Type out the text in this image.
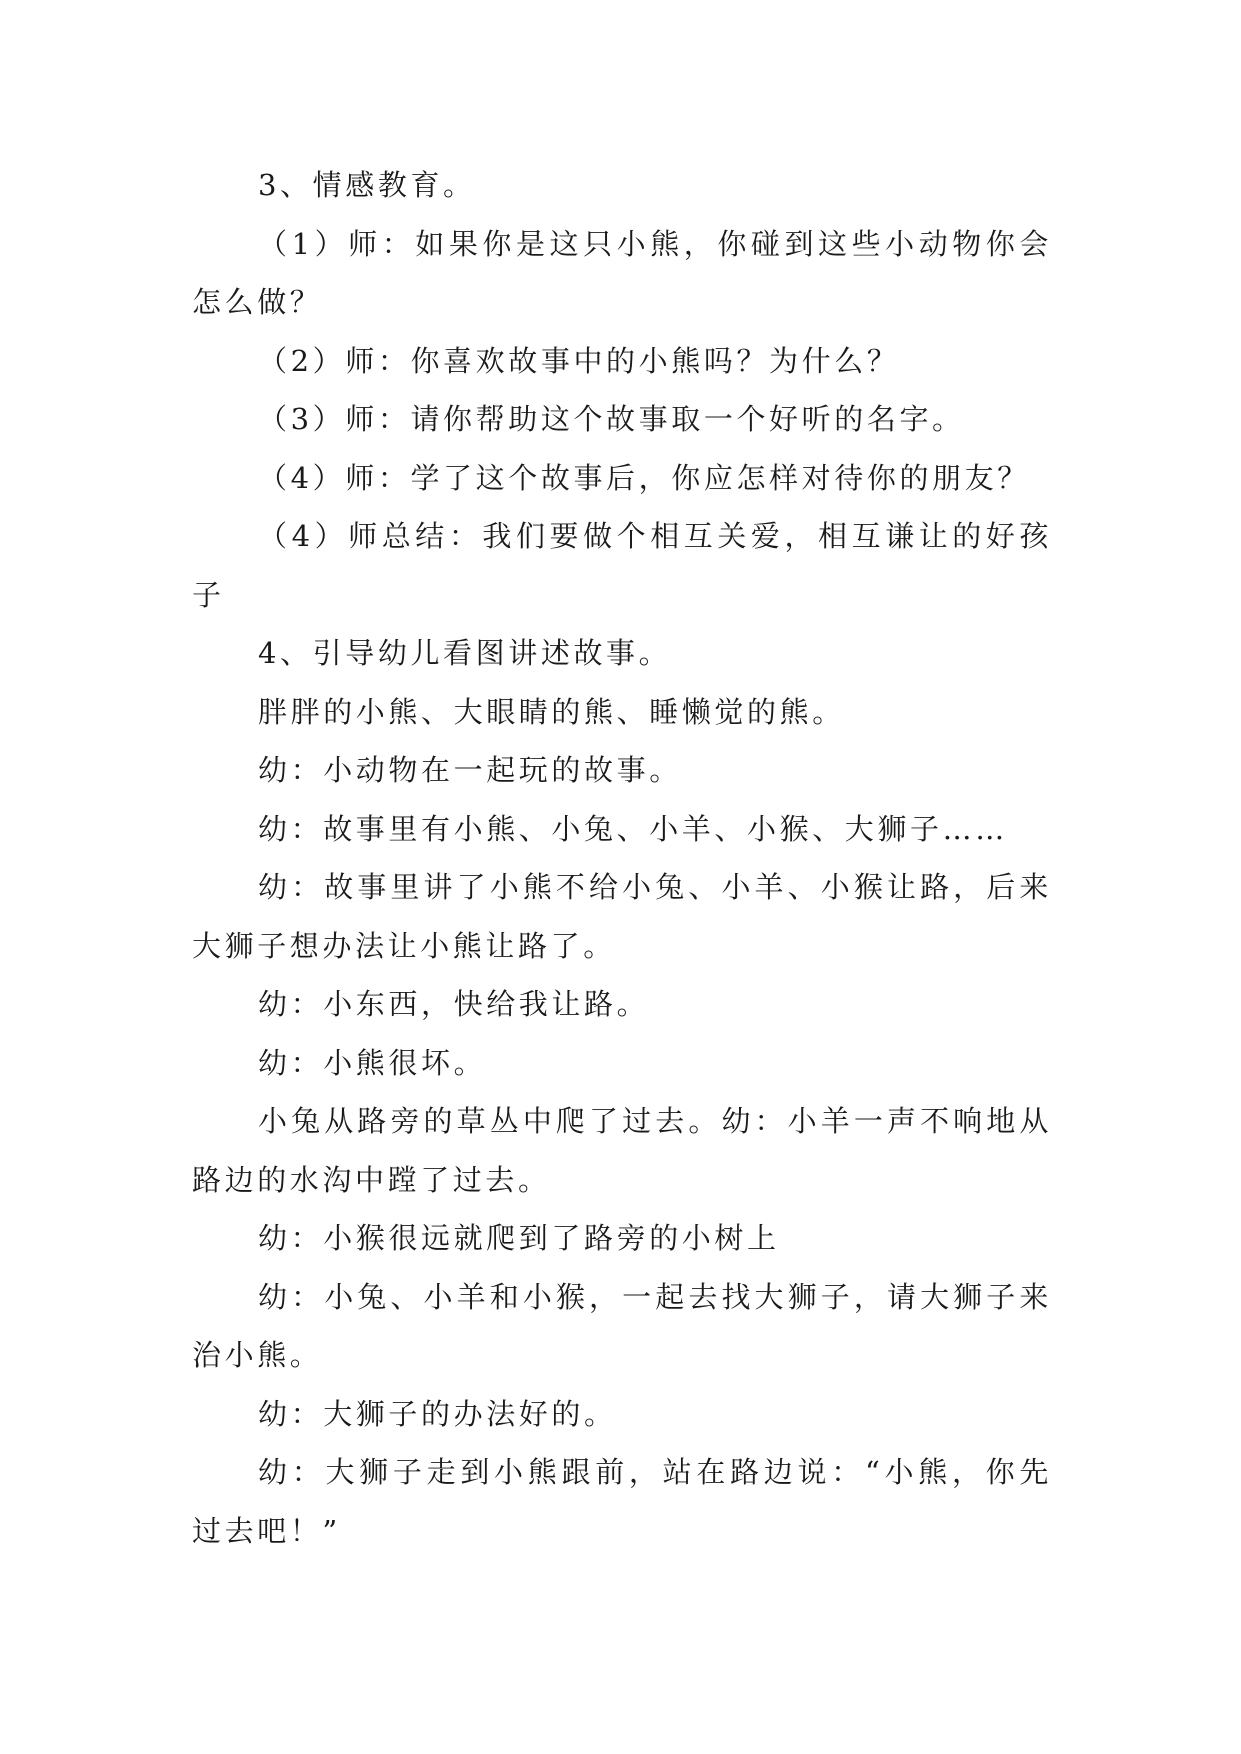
3、情感教育。

（1）师：如果你是这只小熊，你碰到这些小动物你会怎么做？

（2）师：你喜欢故事中的小熊吗？为什么？

（3）师：请你帮助这个故事取一个好听的名字。

（4）师：学了这个故事后，你应怎样对待你的朋友？

（4）师总结：我们要做个相互关爱，相互谦让的好孩子

4、引导幼儿看图讲述故事。

胖胖的小熊、大眼睛的熊、睡懒觉的熊。

幼：小动物在一起玩的故事。

幼：故事里有小熊、小兔、小羊、小猴、大狮子……

幼：故事里讲了小熊不给小兔、小羊、小猴让路，后来大狮子想办法让小熊让路了。

幼：小东西，快给我让路。

幼：小熊很坏。

小兔从路旁的草丛中爬了过去。幼：小羊一声不响地从路边的水沟中蹚了过去。

幼：小猴很远就爬到了路旁的小树上

幼：小兔、小羊和小猴，一起去找大狮子，请大狮子来治小熊。

幼：大狮子的办法好的。

幼：大狮子走到小熊跟前，站在路边说：“小熊，你先过去吧！”
